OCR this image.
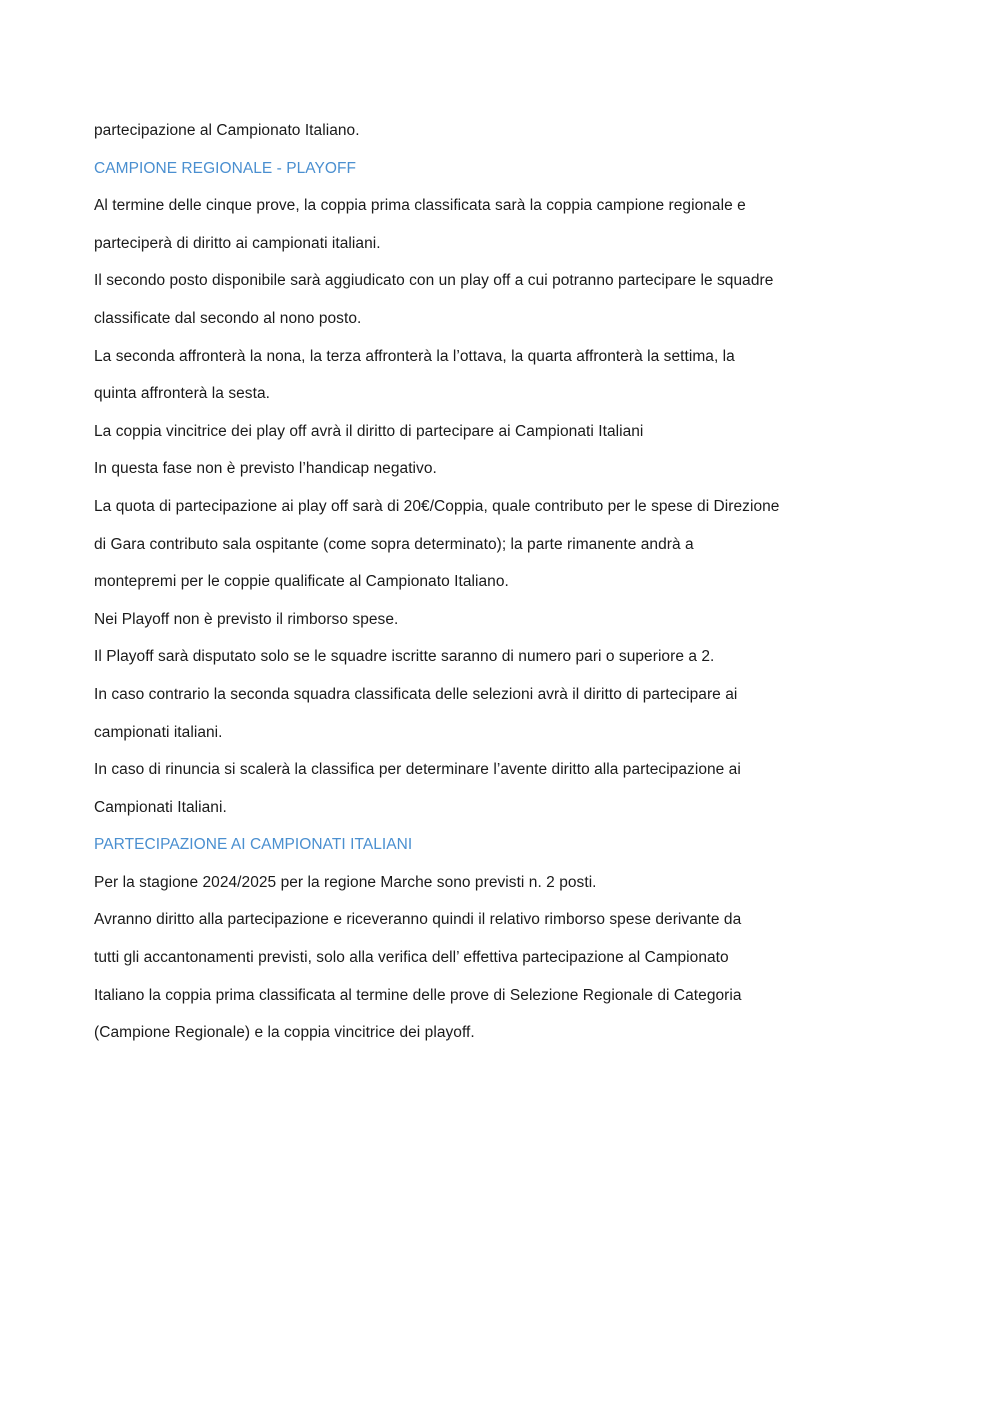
partecipazione al Campionato Italiano.
CAMPIONE REGIONALE - PLAYOFF
Al termine delle cinque prove, la coppia prima classificata sarà la coppia campione regionale e
parteciperà di diritto ai campionati italiani.
Il secondo posto disponibile sarà aggiudicato con un play off a cui potranno partecipare le squadre
classificate dal secondo al nono posto.
La seconda affronterà la nona, la terza affronterà la l’ottava, la quarta affronterà la settima, la
quinta affronterà la sesta.
La coppia vincitrice dei play off avrà il diritto di partecipare ai Campionati Italiani
In questa fase non è previsto l’handicap negativo.
La quota di partecipazione ai play off sarà di 20€/Coppia, quale contributo per le spese di Direzione
di Gara contributo sala ospitante (come sopra determinato); la parte rimanente andrà a
montepremi per le coppie qualificate al Campionato Italiano.
Nei Playoff non è previsto il rimborso spese.
Il Playoff sarà disputato solo se le squadre iscritte saranno di numero pari o superiore a 2.
In caso contrario la seconda squadra classificata delle selezioni avrà il diritto di partecipare ai
campionati italiani.
In caso di rinuncia si scalerà la classifica per determinare l’avente diritto alla partecipazione ai
Campionati Italiani.
PARTECIPAZIONE AI CAMPIONATI ITALIANI
Per la stagione 2024/2025 per la regione Marche sono previsti n. 2 posti.
Avranno diritto alla partecipazione e riceveranno quindi il relativo rimborso spese derivante da
tutti gli accantonamenti previsti, solo alla verifica dell’ effettiva partecipazione al Campionato
Italiano la coppia prima classificata al termine delle prove di Selezione Regionale di Categoria
(Campione Regionale) e la coppia vincitrice dei playoff.
